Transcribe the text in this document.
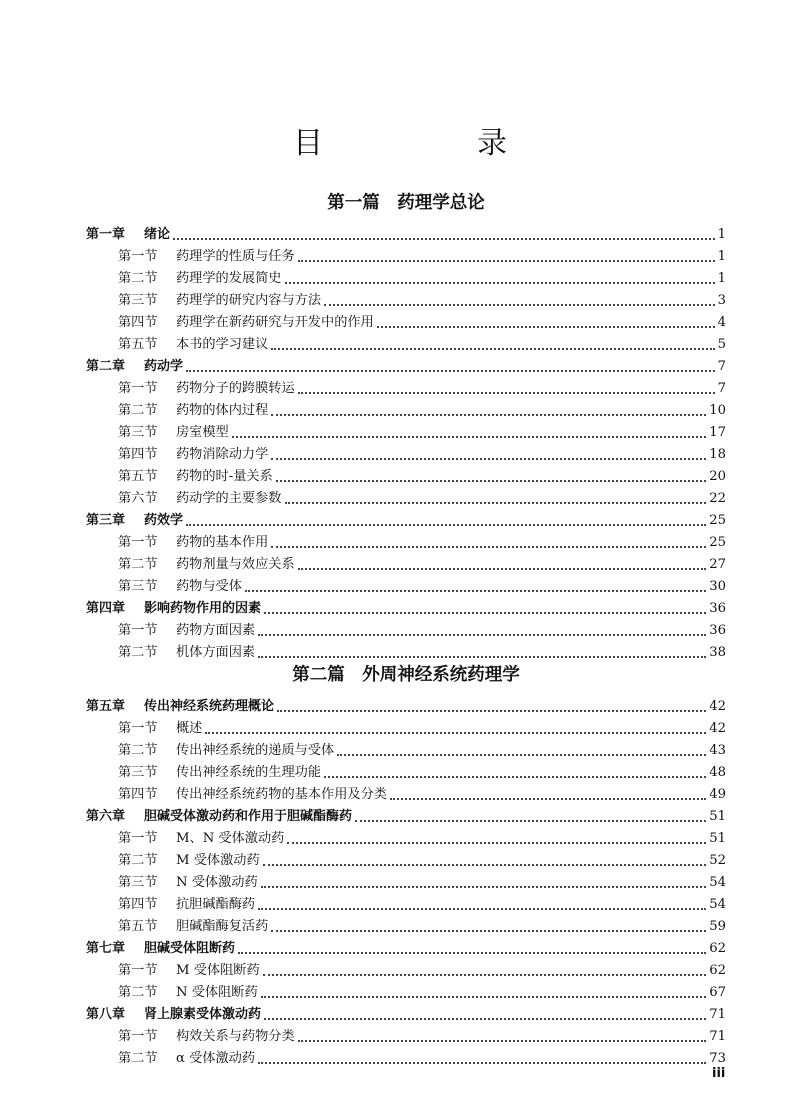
目　录
第一篇　药理学总论
第一章 绪论	1
第一节 药理学的性质与任务	1
第二节 药理学的发展简史	1
第三节 药理学的研究内容与方法	3
第四节 药理学在新药研究与开发中的作用	4
第五节 本书的学习建议	5
第二章 药动学	7
第一节 药物分子的跨膜转运	7
第二节 药物的体内过程	10
第三节 房室模型	17
第四节 药物消除动力学	18
第五节 药物的时-量关系	20
第六节 药动学的主要参数	22
第三章 药效学	25
第一节 药物的基本作用	25
第二节 药物剂量与效应关系	27
第三节 药物与受体	30
第四章 影响药物作用的因素	36
第一节 药物方面因素	36
第二节 机体方面因素	38
第二篇　外周神经系统药理学
第五章 传出神经系统药理概论	42
第一节 概述	42
第二节 传出神经系统的递质与受体	43
第三节 传出神经系统的生理功能	48
第四节 传出神经系统药物的基本作用及分类	49
第六章 胆碱受体激动药和作用于胆碱酯酶药	51
第一节 M、N 受体激动药	51
第二节 M 受体激动药	52
第三节 N 受体激动药	54
第四节 抗胆碱酯酶药	54
第五节 胆碱酯酶复活药	59
第七章 胆碱受体阻断药	62
第一节 M 受体阻断药	62
第二节 N 受体阻断药	67
第八章 肾上腺素受体激动药	71
第一节 构效关系与药物分类	71
第二节 α 受体激动药	73
iii
